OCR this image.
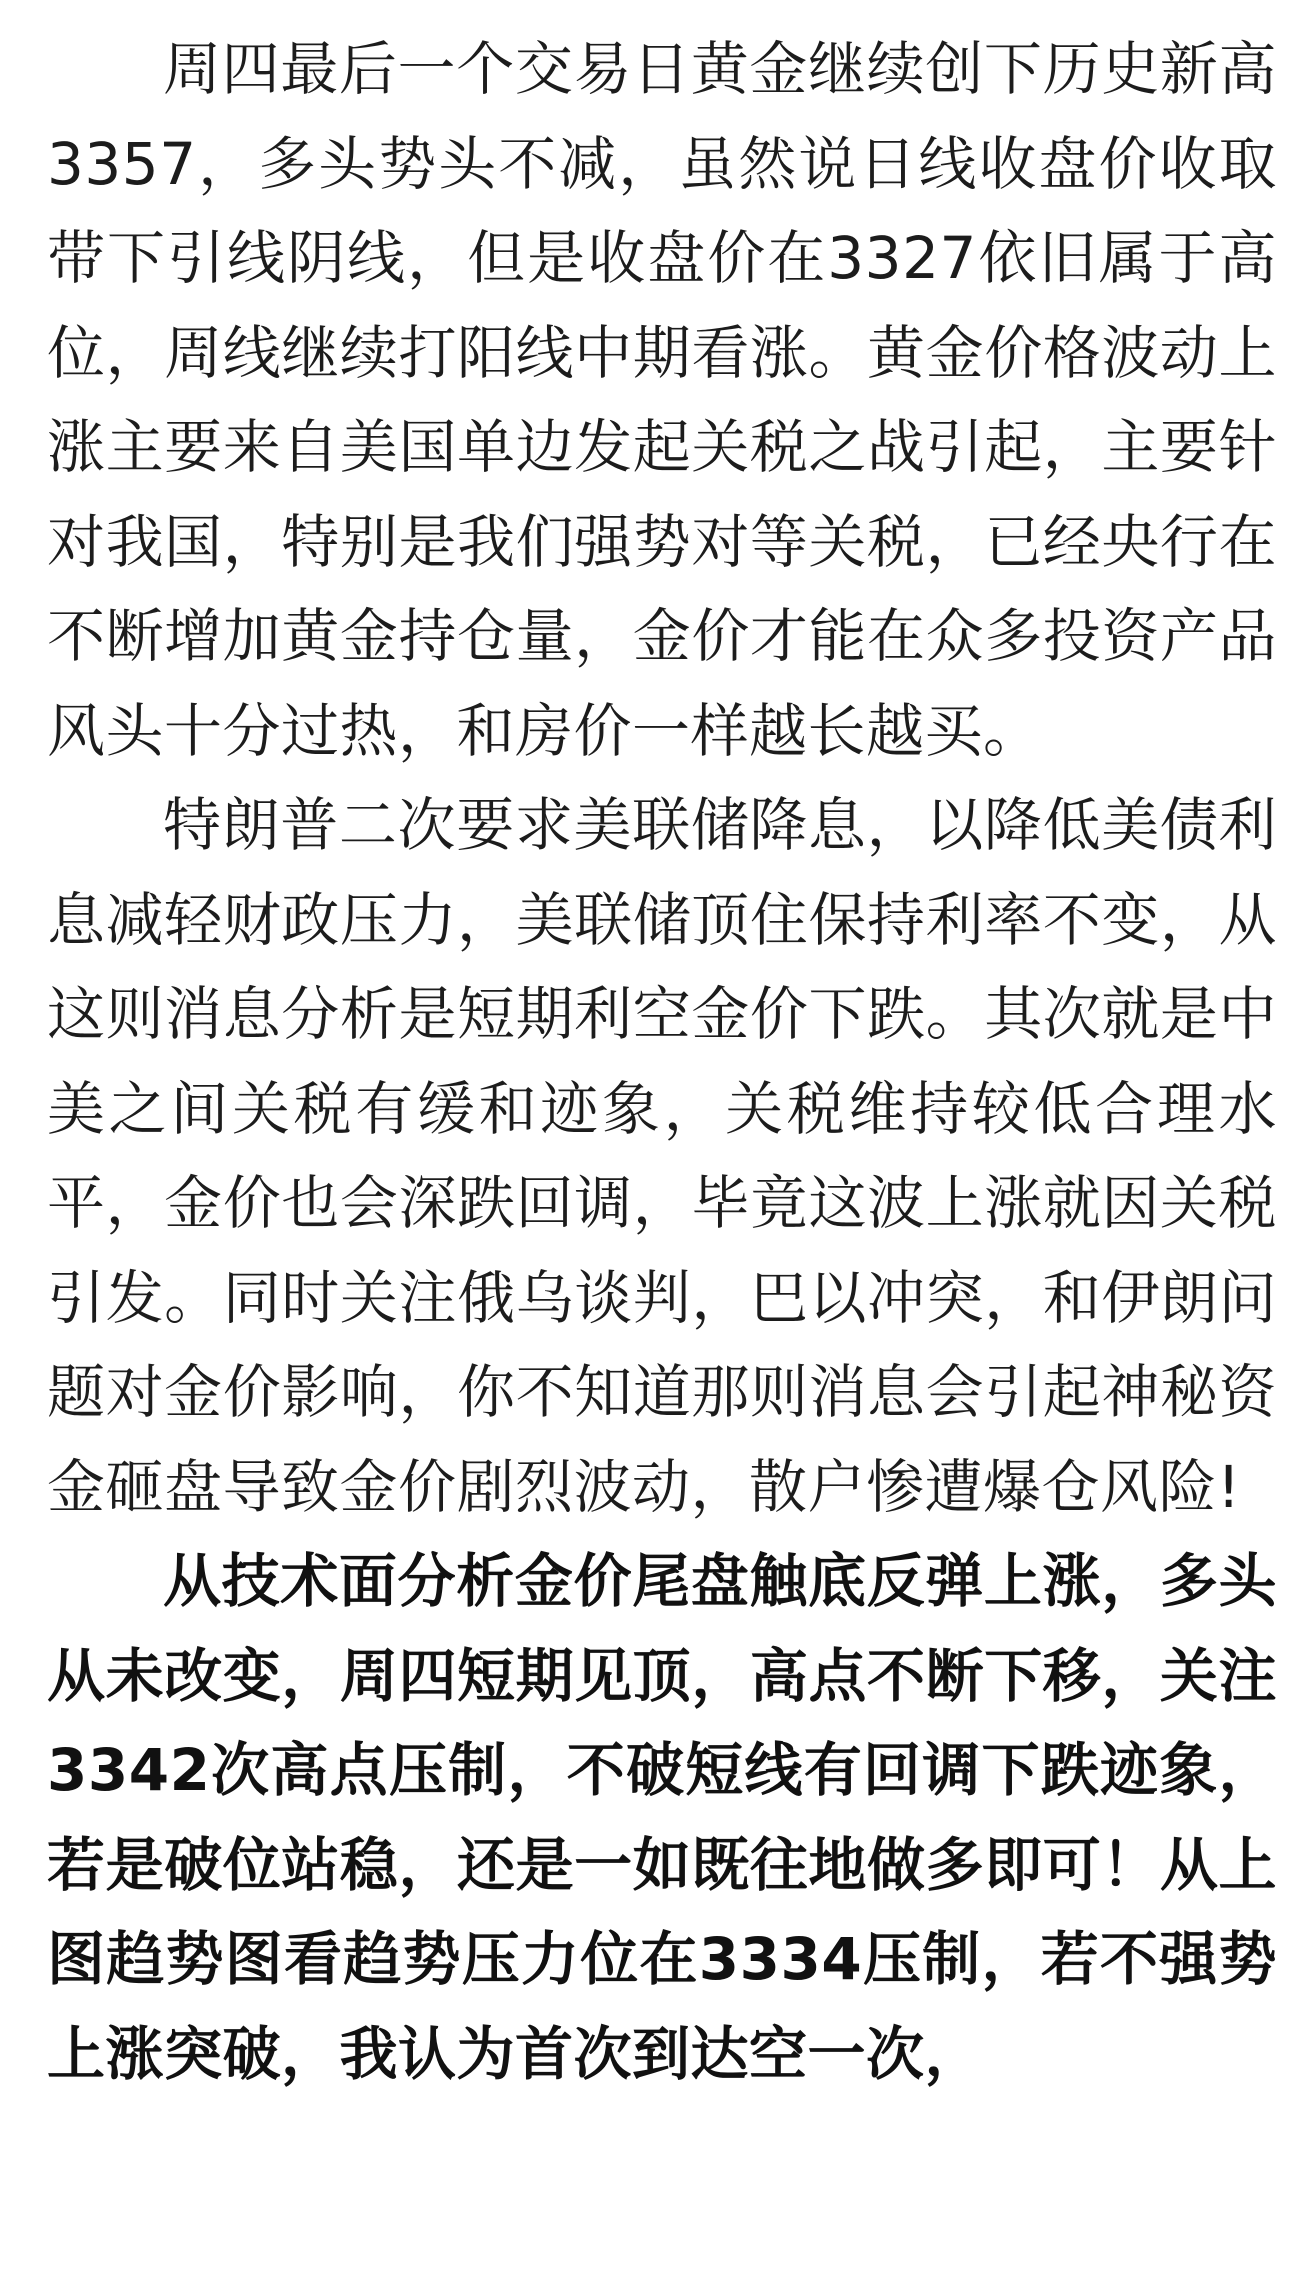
周四最后一个交易日黄金继续创下历史新高3357，多头势头不减，虽然说日线收盘价收取带下引线阴线，但是收盘价在3327依旧属于高位，周线继续打阳线中期看涨。黄金价格波动上涨主要来自美国单边发起关税之战引起，主要针对我国，特别是我们强势对等关税，已经央行在不断增加黄金持仓量，金价才能在众多投资产品风头十分过热，和房价一样越长越买。

特朗普二次要求美联储降息，以降低美债利息减轻财政压力，美联储顶住保持利率不变，从这则消息分析是短期利空金价下跌。其次就是中美之间关税有缓和迹象，关税维持较低合理水平，金价也会深跌回调，毕竟这波上涨就因关税引发。同时关注俄乌谈判，巴以冲突，和伊朗问题对金价影响，你不知道那则消息会引起神秘资金砸盘导致金价剧烈波动，散户惨遭爆仓风险!

从技术面分析金价尾盘触底反弹上涨，多头从未改变，周四短期见顶，高点不断下移，关注3342次高点压制，不破短线有回调下跌迹象，若是破位站稳，还是一如既往地做多即可！从上图趋势图看趋势压力位在3334压制，若不强势上涨突破，我认为首次到达空一次，
